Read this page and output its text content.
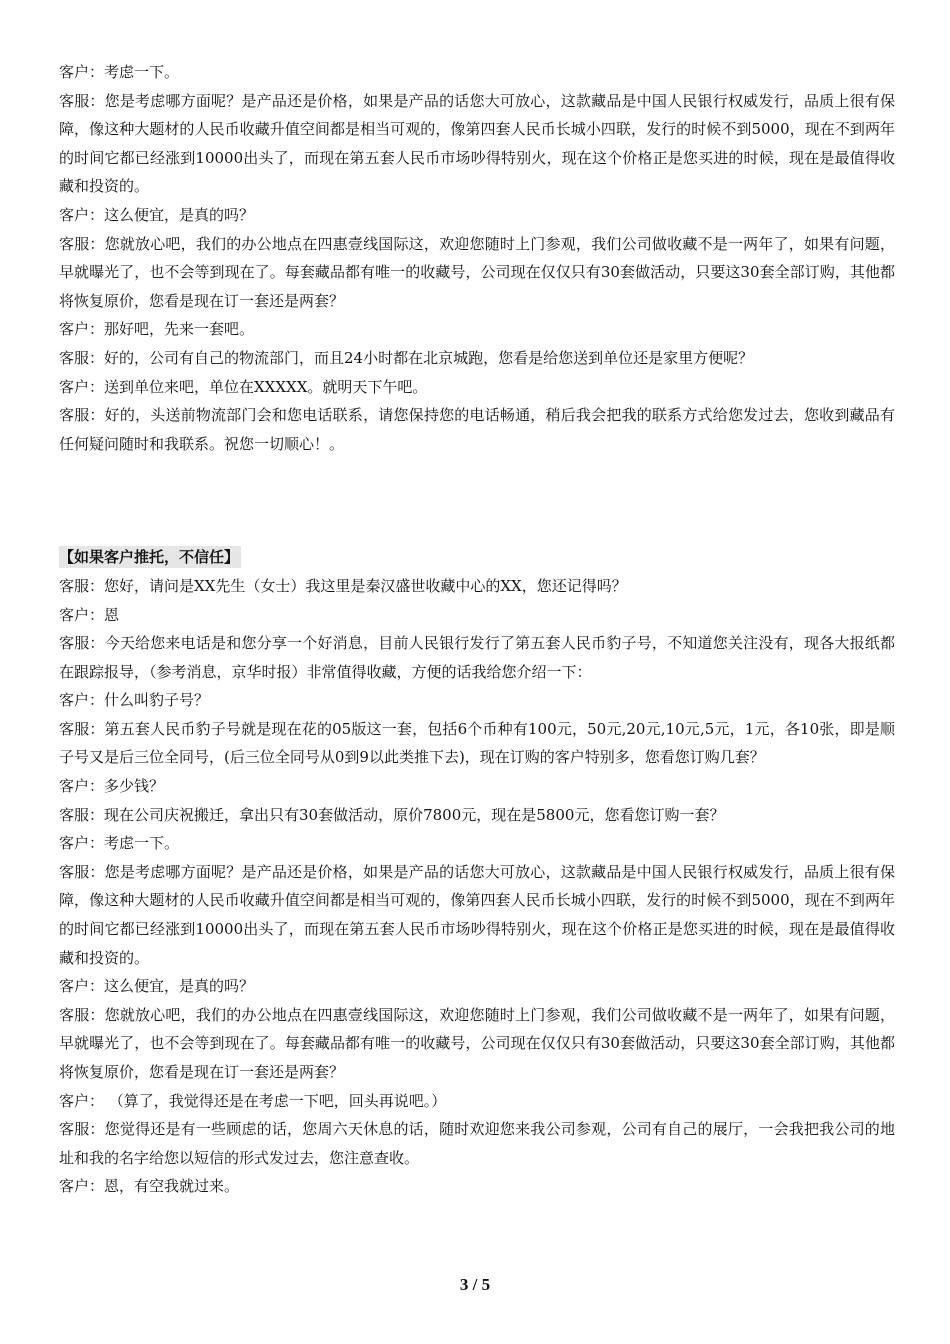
客户：考虑一下。

客服：您是考虑哪方面呢？是产品还是价格，如果是产品的话您大可放心，这款藏品是中国人民银行权威发行，品质上很有保障，像这种大题材的人民币收藏升值空间都是相当可观的，像第四套人民币长城小四联，发行的时候不到5000，现在不到两年的时间它都已经涨到10000出头了，而现在第五套人民币市场吵得特别火，现在这个价格正是您买进的时候，现在是最值得收藏和投资的。

客户：这么便宜，是真的吗？

客服：您就放心吧，我们的办公地点在四惠壹线国际这，欢迎您随时上门参观，我们公司做收藏不是一两年了，如果有问题，早就曝光了，也不会等到现在了。每套藏品都有唯一的收藏号，公司现在仅仅只有30套做活动，只要这30套全部订购，其他都将恢复原价，您看是现在订一套还是两套？

客户：那好吧，先来一套吧。

客服：好的，公司有自己的物流部门，而且24小时都在北京城跑，您看是给您送到单位还是家里方便呢？

客户：送到单位来吧，单位在XXXXX。就明天下午吧。

客服：好的，头送前物流部门会和您电话联系，请您保持您的电话畅通，稍后我会把我的联系方式给您发过去，您收到藏品有任何疑问随时和我联系。祝您一切顺心！。

【如果客户推托，不信任】

客服：您好，请问是XX先生（女士）我这里是秦汉盛世收藏中心的XX，您还记得吗？

客户：恩

客服：今天给您来电话是和您分享一个好消息，目前人民银行发行了第五套人民币豹子号，不知道您关注没有，现各大报纸都在跟踪报导，（参考消息，京华时报）非常值得收藏，方便的话我给您介绍一下：

客户：什么叫豹子号？

客服：第五套人民币豹子号就是现在花的05版这一套，包括6个币种有100元，50元,20元,10元,5元，1元，各10张，即是顺子号又是后三位全同号，(后三位全同号从0到9以此类推下去)，现在订购的客户特别多，您看您订购几套？

客户：多少钱？

客服：现在公司庆祝搬迁，拿出只有30套做活动，原价7800元，现在是5800元，您看您订购一套？

客户：考虑一下。

客服：您是考虑哪方面呢？是产品还是价格，如果是产品的话您大可放心，这款藏品是中国人民银行权威发行，品质上很有保障，像这种大题材的人民币收藏升值空间都是相当可观的，像第四套人民币长城小四联，发行的时候不到5000，现在不到两年的时间它都已经涨到10000出头了，而现在第五套人民币市场吵得特别火，现在这个价格正是您买进的时候，现在是最值得收藏和投资的。

客户：这么便宜，是真的吗？

客服：您就放心吧，我们的办公地点在四惠壹线国际这，欢迎您随时上门参观，我们公司做收藏不是一两年了，如果有问题，早就曝光了，也不会等到现在了。每套藏品都有唯一的收藏号，公司现在仅仅只有30套做活动，只要这30套全部订购，其他都将恢复原价，您看是现在订一套还是两套？

客户： （算了，我觉得还是在考虑一下吧，回头再说吧。）

客服：您觉得还是有一些顾虑的话，您周六天休息的话，随时欢迎您来我公司参观，公司有自己的展厅，一会我把我公司的地址和我的名字给您以短信的形式发过去，您注意查收。

客户：恩，有空我就过来。

3 / 5
